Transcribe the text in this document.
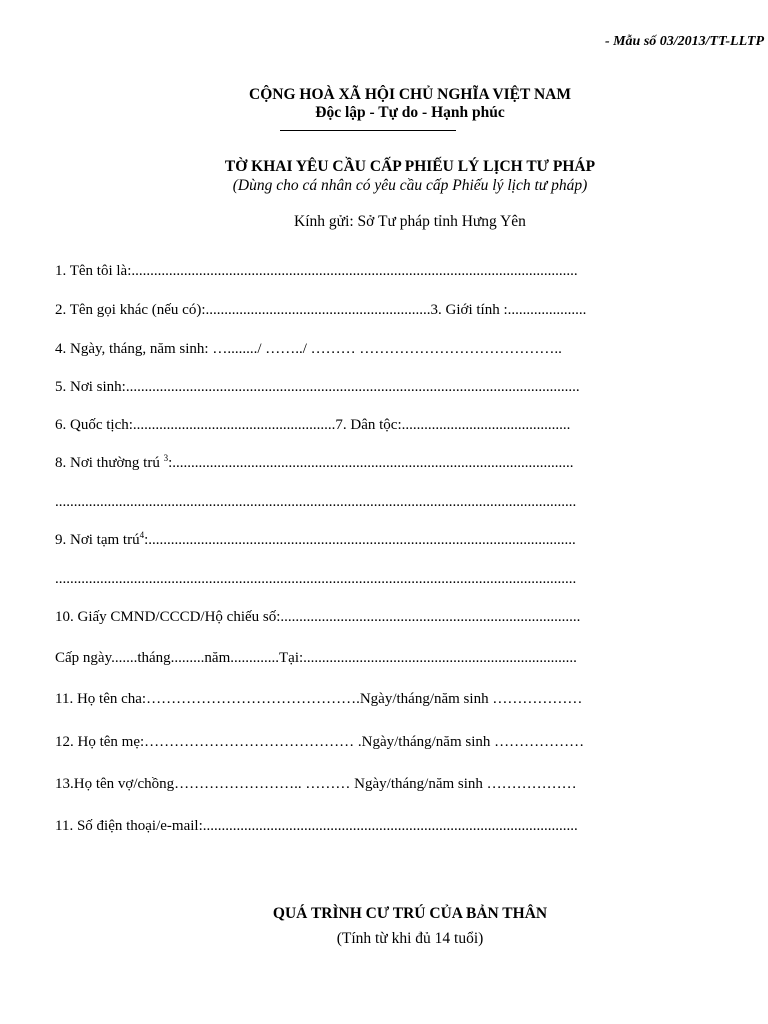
- Mẫu số 03/2013/TT-LLTP
CỘNG HOÀ XÃ HỘI CHỦ NGHĨA VIỆT NAM
Độc lập - Tự do - Hạnh phúc
TỜ KHAI YÊU CẦU CẤP PHIẾU LÝ LỊCH TƯ PHÁP
(Dùng cho cá nhân có yêu cầu cấp Phiếu lý lịch tư pháp)
Kính gửi: Sở Tư pháp tỉnh Hưng Yên
1. Tên tôi là:.......................................................................................................................
2. Tên gọi khác (nếu có):............................................................3. Giới tính :.....................
4. Ngày, tháng, năm sinh: …......../ ……../ ……… …………………………………..
5. Nơi sinh:.........................................................................................................................
6. Quốc tịch:......................................................7. Dân tộc:.............................................
8. Nơi thường trú $^3$:...........................................................................................................
...........................................................................................................................................
9. Nơi tạm trú$^4$:..................................................................................................................
...........................................................................................................................................
10. Giấy CMND/CCCD/Hộ chiếu số:................................................................................
Cấp ngày.......tháng.........năm.............Tại:.........................................................................
11. Họ tên cha:…………………………………….Ngày/tháng/năm sinh ………………
12. Họ tên mẹ:…………………………………… .Ngày/tháng/năm sinh ………………
13.Họ tên vợ/chồng…………………….. ……… Ngày/tháng/năm sinh ………………
11. Số điện thoại/e-mail:....................................................................................................
QUÁ TRÌNH CƯ TRÚ CỦA BẢN THÂN
(Tính từ khi đủ 14 tuổi)
